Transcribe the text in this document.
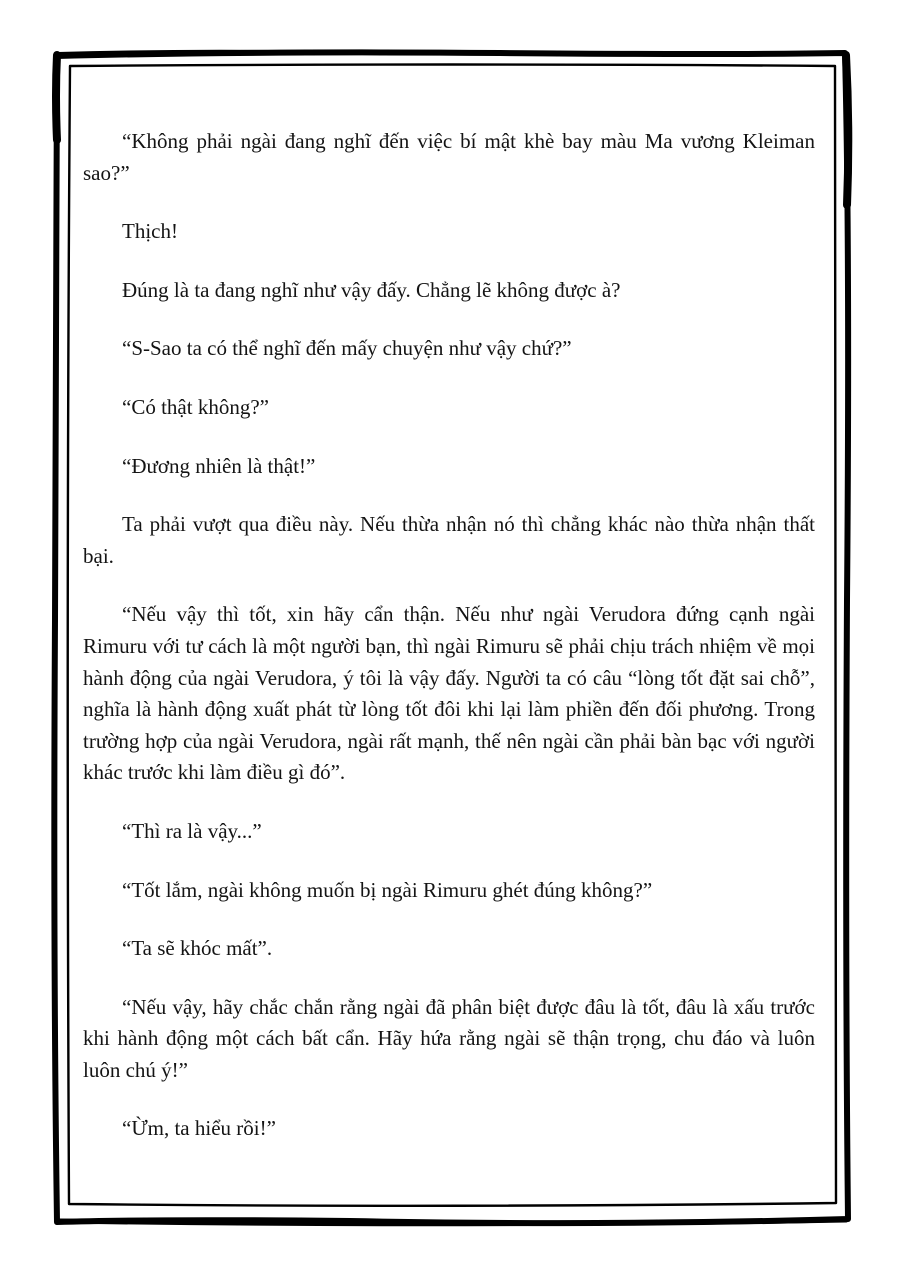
“Không phải ngài đang nghĩ đến việc bí mật khè bay màu Ma vương Kleiman sao?”

Thịch!

Đúng là ta đang nghĩ như vậy đấy. Chẳng lẽ không được à?

“S-Sao ta có thể nghĩ đến mấy chuyện như vậy chứ?”

“Có thật không?”

“Đương nhiên là thật!”

Ta phải vượt qua điều này. Nếu thừa nhận nó thì chẳng khác nào thừa nhận thất bại.

“Nếu vậy thì tốt, xin hãy cẩn thận. Nếu như ngài Verudora đứng cạnh ngài Rimuru với tư cách là một người bạn, thì ngài Rimuru sẽ phải chịu trách nhiệm về mọi hành động của ngài Verudora, ý tôi là vậy đấy. Người ta có câu “lòng tốt đặt sai chỗ”, nghĩa là hành động xuất phát từ lòng tốt đôi khi lại làm phiền đến đối phương. Trong trường hợp của ngài Verudora, ngài rất mạnh, thế nên ngài cần phải bàn bạc với người khác trước khi làm điều gì đó”.

“Thì ra là vậy...”

“Tốt lắm, ngài không muốn bị ngài Rimuru ghét đúng không?”

“Ta sẽ khóc mất”.

“Nếu vậy, hãy chắc chắn rằng ngài đã phân biệt được đâu là tốt, đâu là xấu trước khi hành động một cách bất cẩn. Hãy hứa rằng ngài sẽ thận trọng, chu đáo và luôn luôn chú ý!”

“Ừm, ta hiểu rồi!”
